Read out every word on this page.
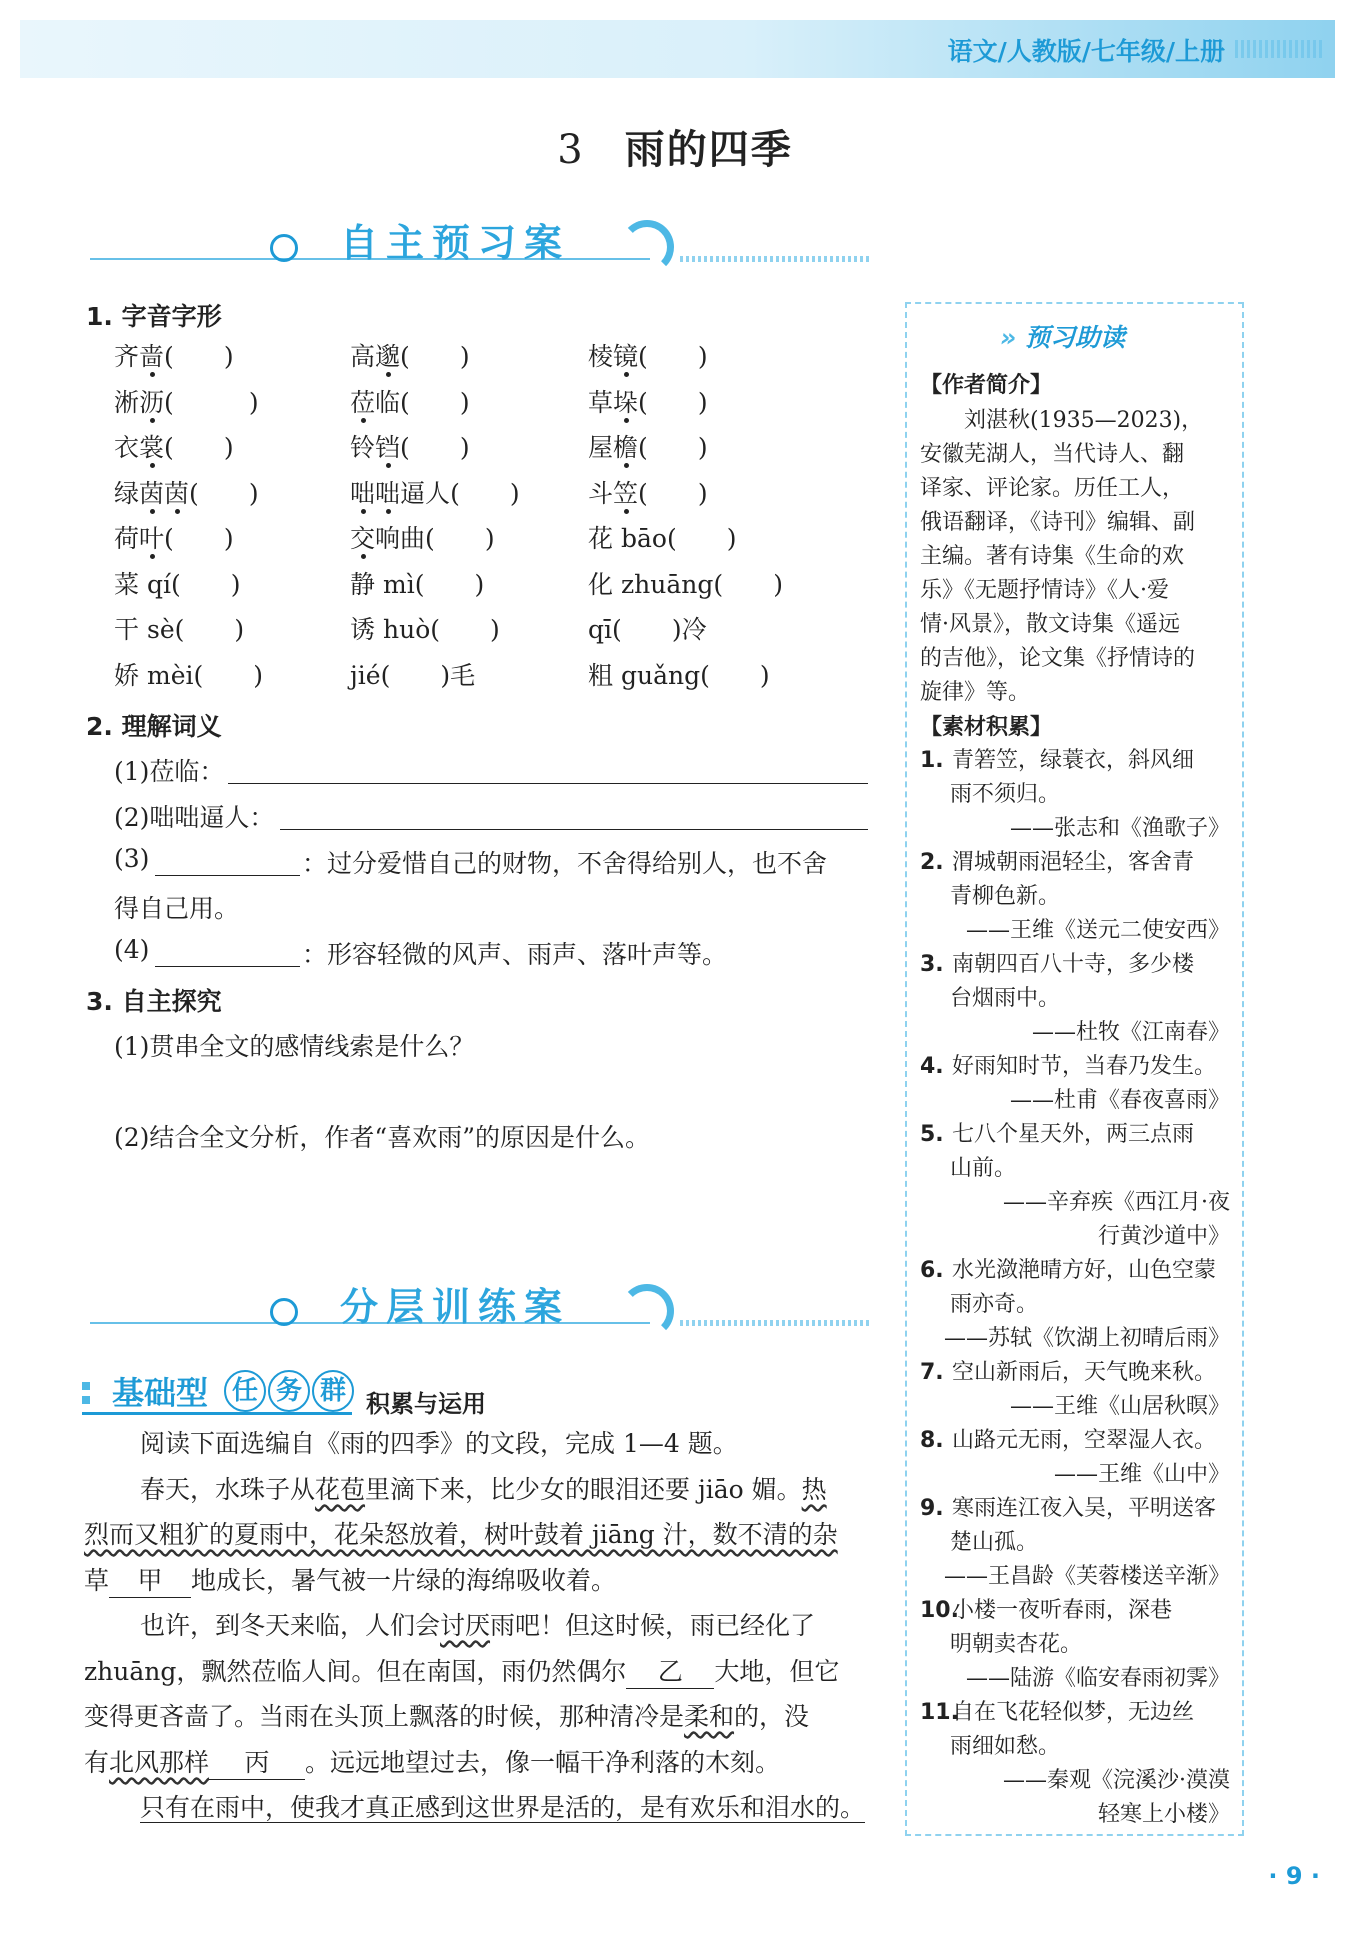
语文/人教版/七年级/上册
3 雨的四季
自主预习案
1. 字音字形
齐啬(　　 )	高邈(　　 )	棱镜(　　 )
淅沥(　　　	)	莅临(　　 )	草垛(　　 )
衣裳(　　 )	铃铛(　　 )	屋檐(　　 )
绿茵茵(　　 )	咄咄逼人(　　 )	斗笠(　　 )
荷叶(　　 )	交响曲(　　 )	花 bāo(　　 )
菜 qí(　　 )	静 mì(　　 )	化 zhuāng(　　 )
干 sè(　　 )	诱 huò(　　 )	qī(　　 )冷
娇 mèi(　　 )	jié(　　 )毛	粗 guǎng(　　 )
2. 理解词义
(1)莅临：
(2)咄咄逼人：
(3)	：过分爱惜自己的财物，不舍得给别人，也不舍
得自己用。
(4)	：形容轻微的风声、雨声、落叶声等。
3. 自主探究
(1)贯串全文的感情线索是什么？
(2)结合全文分析，作者“喜欢雨”的原因是什么。
分层训练案
基础型 任 务 群 积累与运用
阅读下面选编自《雨的四季》的文段，完成 1—4 题。
春天，水珠子从花苞里滴下来，比少女的眼泪还要 jiāo 媚。热
烈而又粗犷的夏雨中，花朵怒放着，树叶鼓着 jiāng 汁，数不清的杂
草 甲 地成长，暑气被一片绿的海绵吸收着。
也许，到冬天来临，人们会讨厌雨吧！但这时候，雨已经化了
zhuāng，飘然莅临人间。但在南国，雨仍然偶尔 乙 大地，但它
变得更吝啬了。当雨在头顶上飘落的时候，那种清冷是柔和的，没
有北风那样 丙 。远远地望过去，像一幅干净利落的木刻。
只有在雨中，使我才真正感到这世界是活的，是有欢乐和泪水的。
» 预习助读
【作者简介】
　　刘湛秋(1935—2023)，
安徽芜湖人，当代诗人、翻
译家、评论家。历任工人，
俄语翻译，《诗刊》编辑、副
主编。著有诗集《生命的欢
乐》《无题抒情诗》《人·爱
情·风景》，散文诗集《遥远
的吉他》，论文集《抒情诗的
旋律》等。
【素材积累】
1. 青箬笠，绿蓑衣，斜风细
雨不须归。
——张志和《渔歌子》
2. 渭城朝雨浥轻尘，客舍青
青柳色新。
——王维《送元二使安西》
3. 南朝四百八十寺，多少楼
台烟雨中。
——杜牧《江南春》
4. 好雨知时节，当春乃发生。
——杜甫《春夜喜雨》
5. 七八个星天外，两三点雨
山前。
——辛弃疾《西江月·夜
行黄沙道中》
6. 水光潋滟晴方好，山色空蒙
雨亦奇。
——苏轼《饮湖上初晴后雨》
7. 空山新雨后，天气晚来秋。
——王维《山居秋暝》
8. 山路元无雨，空翠湿人衣。
——王维《山中》
9. 寒雨连江夜入吴，平明送客
楚山孤。
——王昌龄《芙蓉楼送辛渐》
10.
小楼一夜听春雨，深巷
明朝卖杏花。
——陆游《临安春雨初霁》
11.
自在飞花轻似梦，无边丝
雨细如愁。
——秦观《浣溪沙·漠漠
轻寒上小楼》
· 9 ·
